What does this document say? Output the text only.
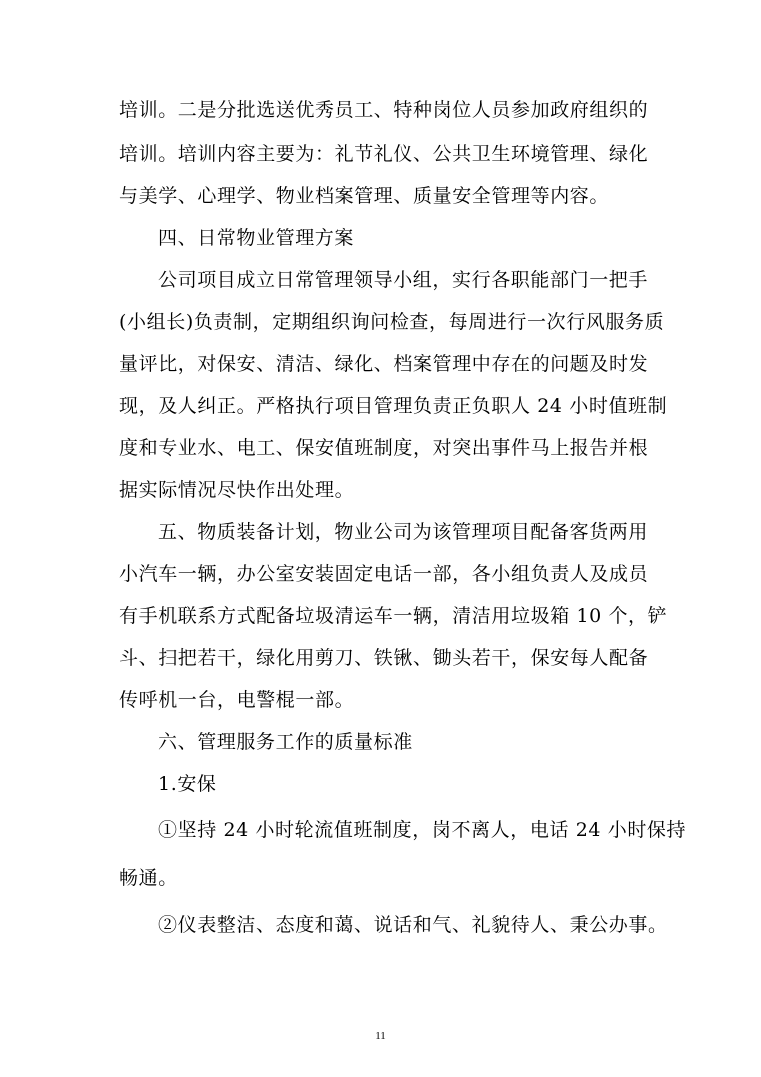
培训。二是分批选送优秀员工、特种岗位人员参加政府组织的
培训。培训内容主要为：礼节礼仪、公共卫生环境管理、绿化
与美学、心理学、物业档案管理、质量安全管理等内容。
四、日常物业管理方案
公司项目成立日常管理领导小组，实行各职能部门一把手
(小组长)负责制，定期组织询问检查，每周进行一次行风服务质
量评比，对保安、清洁、绿化、档案管理中存在的问题及时发
现，及人纠正。严格执行项目管理负责正负职人 24 小时值班制
度和专业水、电工、保安值班制度，对突出事件马上报告并根
据实际情况尽快作出处理。
五、物质装备计划，物业公司为该管理项目配备客货两用
小汽车一辆，办公室安装固定电话一部，各小组负责人及成员
有手机联系方式配备垃圾清运车一辆，清洁用垃圾箱 10 个，铲
斗、扫把若干，绿化用剪刀、铁锹、锄头若干，保安每人配备
传呼机一台，电警棍一部。
六、管理服务工作的质量标准
1.安保
①坚持 24 小时轮流值班制度，岗不离人，电话 24 小时保持
畅通。
②仪表整洁、态度和蔼、说话和气、礼貌待人、秉公办事。
11
